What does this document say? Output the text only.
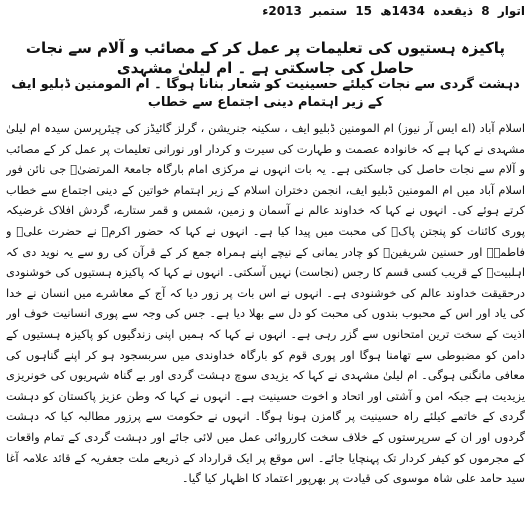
اتوار 8 ذیقعدہ 1434ھ 15 ستمبر 2013ء
پاکیزہ ہستیوں کی تعلیمات پر عمل کر کے مصائب و آلام سے نجات حاصل کی جاسکتی ہے ۔ ام لیلیٰ مشہدی
دہشت گردی سے نجات کیلئے حسینیت کو شعار بنانا ہوگا ۔ ام المومنین ڈبلیو ایف کے زیر اہتمام دینی اجتماع سے خطاب
اسلام آباد (اے ایس آر نیوز) ام المومنین ڈبلیو ایف ، سکینہ جنریشن ، گرلز گائیڈز کی چیئرپرسن سیدہ ام لیلیٰ مشہدی نے کہا ہے کہ خانوادہ عصمت و طہارت کی سیرت و کردار اور نورانی تعلیمات پر عمل کر کے مصائب و آلام سے نجات حاصل کی جاسکتی ہے۔ یہ بات انہوں نے مرکزی امام بارگاہ جامعۃ المرتضیٰؑ جی نائن فور اسلام آباد میں ام المومنین ڈبلیو ایف، انجمن دختران اسلام کے زیر اہتمام خواتین کے دینی اجتماع سے خطاب کرتے ہوئے کی۔ انہوں نے کہا کہ خداوند عالم نے آسمان و زمین، شمس و قمر ستارے، گردش افلاک غرضیکہ پوری کائنات کو پنجتن پاکؑ کی محبت میں پیدا کیا ہے۔ انہوں نے کہا کہ حضور اکرمؐ نے حضرت علیؑ و فاطمہؑ اور حسنین شریفینؑ کو چادر یمانی کے نیچے اپنے ہمراہ جمع کر کے قرآن کی رو سے یہ نوید دی کہ اہلبیتؑ کے قریب کسی قسم کا رجس (نجاست) نہیں آسکتی۔ انہوں نے کہا کہ پاکیزہ ہستیوں کی خوشنودی درحقیقت خداوند عالم کی خوشنودی ہے۔ انہوں نے اس بات پر زور دیا کہ آج کے معاشرے میں انسان نے خدا کی یاد اور اس کے محبوب بندوں کی محبت کو دل سے بھلا دیا ہے۔ جس کی وجہ سے پوری انسانیت خوف اور اذیت کے سخت ترین امتحانوں سے گزر رہی ہے۔ انہوں نے کہا کہ ہمیں اپنی زندگیوں کو پاکیزہ ہستیوں کے دامن کو مضبوطی سے تھامنا ہوگا اور پوری قوم کو بارگاہ خداوندی میں سربسجود ہو کر اپنے گناہوں کی معافی مانگنی ہوگی۔ ام لیلیٰ مشہدی نے کہا کہ یزیدی سوچ دہشت گردی اور بے گناہ شہریوں کی خونریزی یزیدیت ہے جبکہ امن و آشتی اور اتحاد و اخوت حسینیت ہے۔ انہوں نے کہا کہ وطن عزیز پاکستان کو دہشت گردی کے خاتمے کیلئے راہ حسینیت پر گامزن ہونا ہوگا۔ انہوں نے حکومت سے پرزور مطالبہ کیا کہ دہشت گردوں اور ان کے سرپرستوں کے خلاف سخت کارروائی عمل میں لائی جائے اور دہشت گردی کے تمام واقعات کے مجرموں کو کیفر کردار تک پہنچایا جائے۔ اس موقع پر ایک قرارداد کے ذریعے ملت جعفریہ کے قائد علامہ آغا سید حامد علی شاہ موسوی کی قیادت پر بھرپور اعتماد کا اظہار کیا گیا۔
